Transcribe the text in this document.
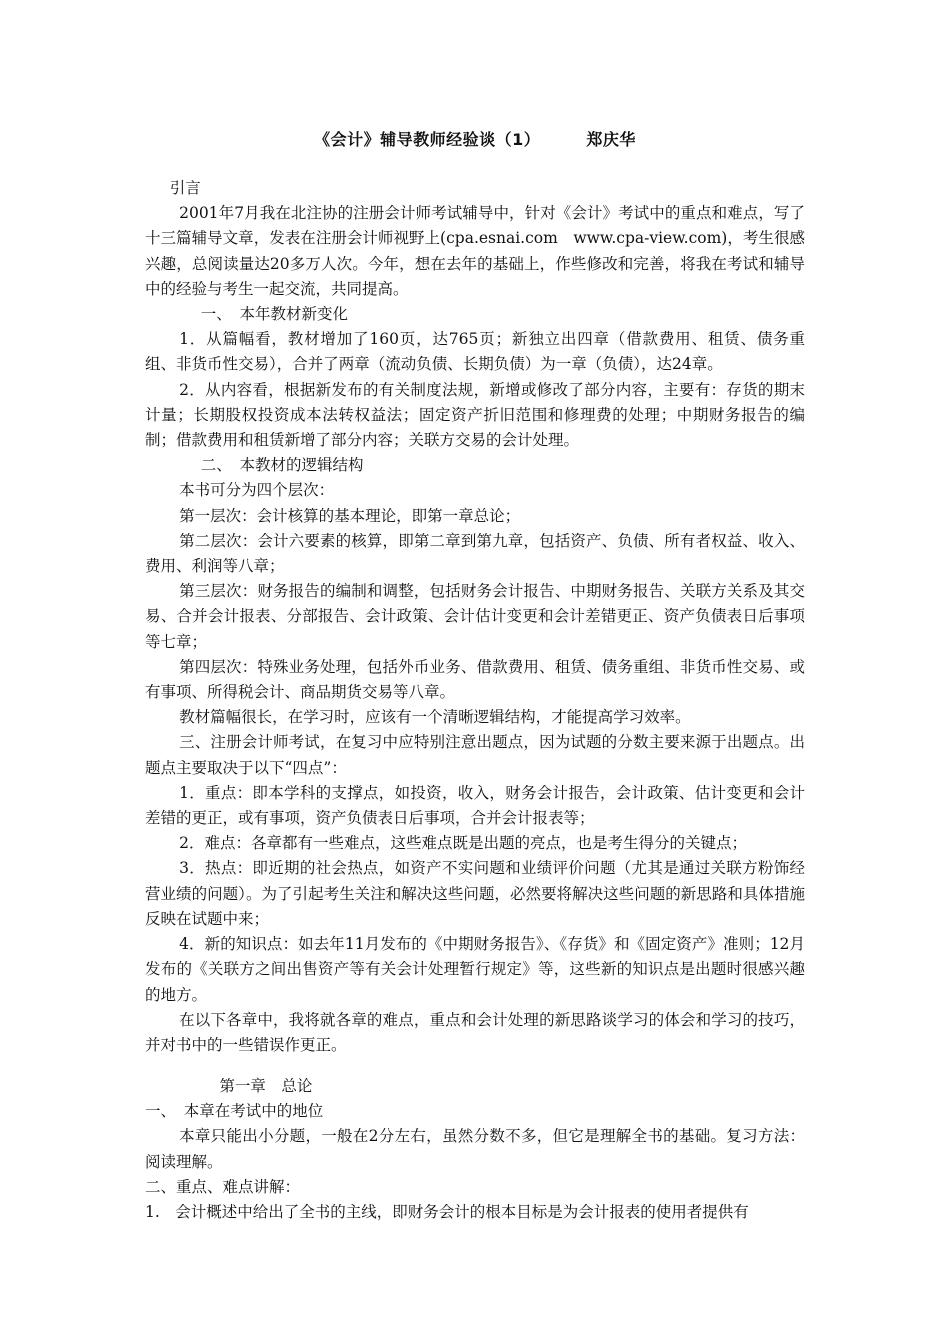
《会计》辅导教师经验谈（1）	郑庆华

引言

2001年7月我在北注协的注册会计师考试辅导中，针对《会计》考试中的重点和难点，写了十三篇辅导文章，发表在注册会计师视野上(cpa.esnai.com　www.cpa-view.com)，考生很感兴趣，总阅读量达20多万人次。今年，想在去年的基础上，作些修改和完善，将我在考试和辅导中的经验与考生一起交流，共同提高。

一、　本年教材新变化

1．从篇幅看，教材增加了160页，达765页；新独立出四章（借款费用、租赁、债务重组、非货币性交易），合并了两章（流动负债、长期负债）为一章（负债），达24章。

2．从内容看，根据新发布的有关制度法规，新增或修改了部分内容，主要有：存货的期末计量；长期股权投资成本法转权益法；固定资产折旧范围和修理费的处理；中期财务报告的编制；借款费用和租赁新增了部分内容；关联方交易的会计处理。

二、　本教材的逻辑结构

本书可分为四个层次：

第一层次：会计核算的基本理论，即第一章总论；

第二层次：会计六要素的核算，即第二章到第九章，包括资产、负债、所有者权益、收入、费用、利润等八章；

第三层次：财务报告的编制和调整，包括财务会计报告、中期财务报告、关联方关系及其交易、合并会计报表、分部报告、会计政策、会计估计变更和会计差错更正、资产负债表日后事项等七章；

第四层次：特殊业务处理，包括外币业务、借款费用、租赁、债务重组、非货币性交易、或有事项、所得税会计、商品期货交易等八章。

教材篇幅很长，在学习时，应该有一个清晰逻辑结构，才能提高学习效率。

三、注册会计师考试，在复习中应特别注意出题点，因为试题的分数主要来源于出题点。出题点主要取决于以下“四点”：

1．重点：即本学科的支撑点，如投资，收入，财务会计报告，会计政策、估计变更和会计差错的更正，或有事项，资产负债表日后事项，合并会计报表等；

2．难点：各章都有一些难点，这些难点既是出题的亮点，也是考生得分的关键点；

3．热点：即近期的社会热点，如资产不实问题和业绩评价问题（尤其是通过关联方粉饰经营业绩的问题）。为了引起考生关注和解决这些问题，必然要将解决这些问题的新思路和具体措施反映在试题中来；

4．新的知识点：如去年11月发布的《中期财务报告》、《存货》和《固定资产》准则；12月发布的《关联方之间出售资产等有关会计处理暂行规定》等，这些新的知识点是出题时很感兴趣的地方。

在以下各章中，我将就各章的难点，重点和会计处理的新思路谈学习的体会和学习的技巧，并对书中的一些错误作更正。

第一章　总论

一、　本章在考试中的地位

本章只能出小分题，一般在2分左右，虽然分数不多，但它是理解全书的基础。复习方法：阅读理解。

二、重点、难点讲解：

1.　会计概述中给出了全书的主线，即财务会计的根本目标是为会计报表的使用者提供有
